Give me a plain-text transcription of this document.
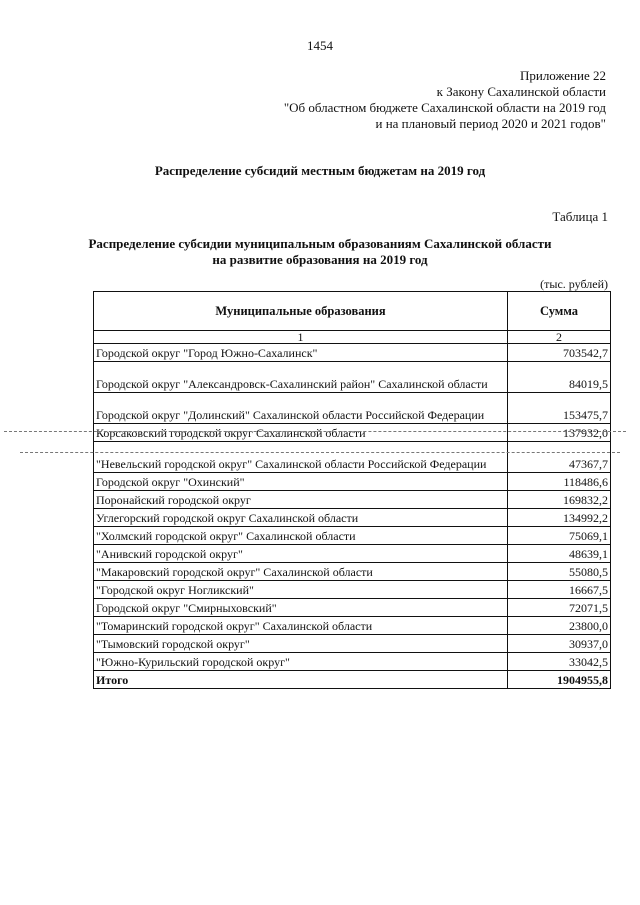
1454
Приложение 22
к Закону Сахалинской области
"Об областном бюджете Сахалинской области на 2019 год
и на плановый период 2020 и 2021 годов"
Распределение субсидий местным бюджетам на 2019 год
Таблица 1
Распределение субсидии муниципальным образованиям Сахалинской области
на развитие образования на 2019 год
(тыс. рублей)
Муниципальные образования	Сумма
1	2
Городской округ "Город Южно-Сахалинск"	703542,7
Городской округ "Александровск-Сахалинский район" Сахалинской области	84019,5
Городской округ "Долинский" Сахалинской области Российской Федерации	153475,7
Корсаковский городской округ Сахалинской области	137932,0
"Невельский городской округ" Сахалинской области Российской Федерации	47367,7
Городской округ "Охинский"	118486,6
Поронайский городской округ	169832,2
Углегорский городской округ Сахалинской области	134992,2
"Холмский городской округ" Сахалинской области	75069,1
"Анивский городской округ"	48639,1
"Макаровский городской округ" Сахалинской области	55080,5
"Городской округ Ногликский"	16667,5
Городской округ "Смирныховский"	72071,5
"Томаринский городской округ" Сахалинской области	23800,0
"Тымовский городской округ"	30937,0
"Южно-Курильский городской округ"	33042,5
Итого	1904955,8
